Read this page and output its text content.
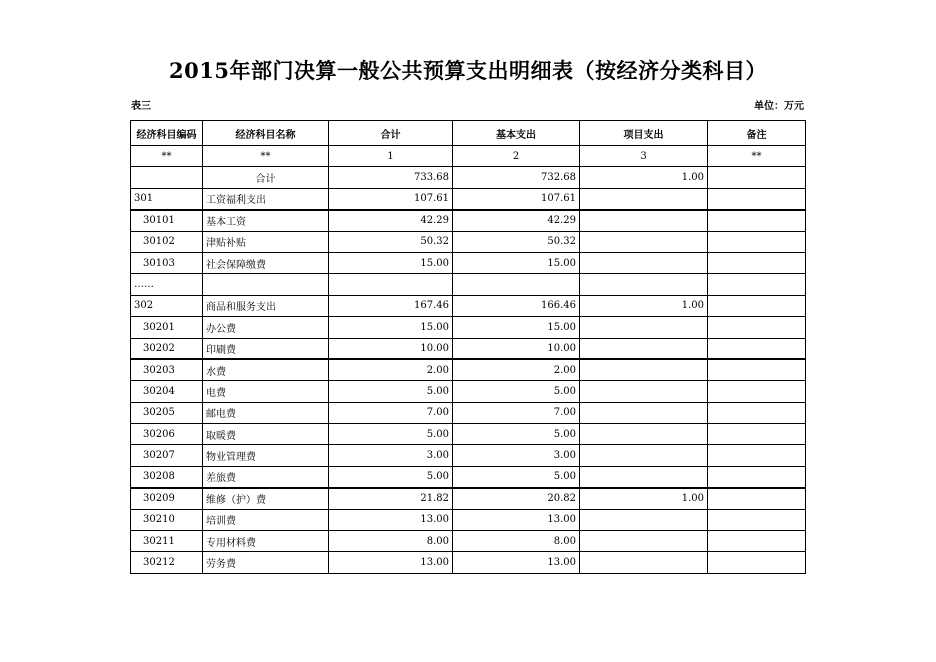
2015年部门决算一般公共预算支出明细表（按经济分类科目）
表三	单位：万元
经济科目编码	经济科目名称	合计	基本支出	项目支出	备注
**	**	1	2	3	**
	合计	733.68	732.68	1.00	
301	工资福利支出	107.61	107.61		
30101	基本工资	42.29	42.29		
30102	津贴补贴	50.32	50.32		
30103	社会保障缴费	15.00	15.00		
……					
302	商品和服务支出	167.46	166.46	1.00	
30201	办公费	15.00	15.00		
30202	印刷费	10.00	10.00		
30203	水费	2.00	2.00		
30204	电费	5.00	5.00		
30205	邮电费	7.00	7.00		
30206	取暖费	5.00	5.00		
30207	物业管理费	3.00	3.00		
30208	差旅费	5.00	5.00		
30209	维修（护）费	21.82	20.82	1.00	
30210	培训费	13.00	13.00		
30211	专用材料费	8.00	8.00		
30212	劳务费	13.00	13.00		
